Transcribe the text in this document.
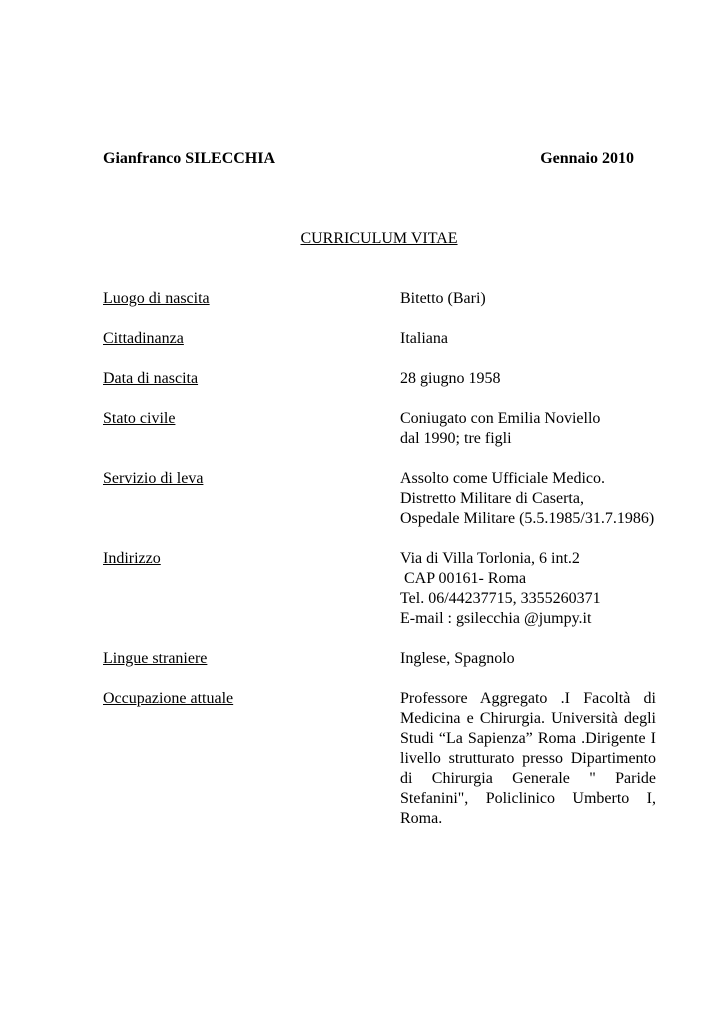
Gianfranco SILECCHIA	Gennaio 2010
CURRICULUM VITAE
Luogo di nascita	Bitetto (Bari)
Cittadinanza	Italiana
Data di nascita	28 giugno 1958
Stato civile	Coniugato con Emilia Noviello
dal 1990; tre figli
Servizio di leva	Assolto come Ufficiale Medico.
Distretto Militare di Caserta,
Ospedale Militare (5.5.1985/31.7.1986)
Indirizzo	Via di Villa Torlonia, 6 int.2
CAP 00161- Roma
Tel. 06/44237715, 3355260371
E-mail : gsilecchia @jumpy.it
Lingue straniere	Inglese, Spagnolo
Occupazione attuale	Professore Aggregato .I Facoltà di Medicina e Chirurgia. Università degli Studi “La Sapienza” Roma .Dirigente I livello strutturato presso Dipartimento di Chirurgia Generale " Paride Stefanini", Policlinico Umberto I, Roma.
